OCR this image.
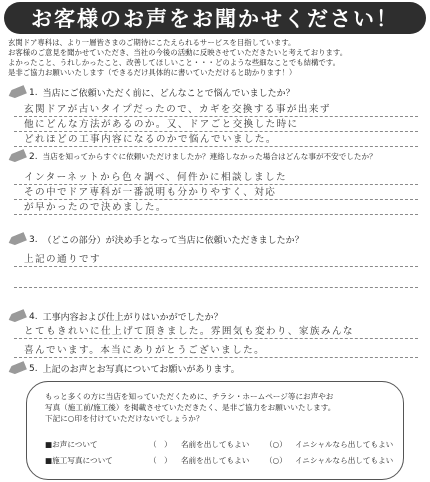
お客様のお声をお聞かせください！
玄関ドア専科は、より一層皆さまのご期待にこたえられるサービスを目指しています。
お客様のご意見を聞かせていただき、当社の今後の活動に反映させていただきたいと考えております。
よかったこと、うれしかったこと、改善してほしいこと・・・どのような些細なことでも結構です。
是非ご協力お願いいたします（できるだけ具体的に書いていただけると助かります！）
1. 当店にご依頼いただく前に、どんなことで悩んでいましたか？
玄関ドアが古いタイプだったので、カギを交換する事が出来ず
他にどんな方法があるのか。又、ドアごと交換した時に
どれほどの工事内容になるのかで悩んでいました。
2. 当店を知ってからすぐに依頼いただけましたか？連絡しなかった場合はどんな事が不安でしたか？
インターネットから色々調べ、何件かに相談しました
その中でドア専科が一番説明も分かりやすく、対応
が早かったので決めました。
3. （どこの部分）が決め手となって当店に依頼いただきましたか？
上記の通りです
4. 工事内容および仕上がりはいかがでしたか？
とてもきれいに仕上げて頂きました。雰囲気も変わり、家族みんな
喜んでいます。本当にありがとうございました。
5. 上記のお声とお写真についてお願いがあります。
もっと多くの方に当店を知っていただくために、チラシ・ホームページ等にお声やお
写真（施工前/施工後）を掲載させていただきたく、是非ご協力をお願いいたします。
下記に○印を付けていただけないでしょうか？
■お声について	（　）	名前を出してもよい	（○）	イニシャルなら出してもよい
■施工写真について	（　）	名前を出してもよい	（○）	イニシャルなら出してもよい
